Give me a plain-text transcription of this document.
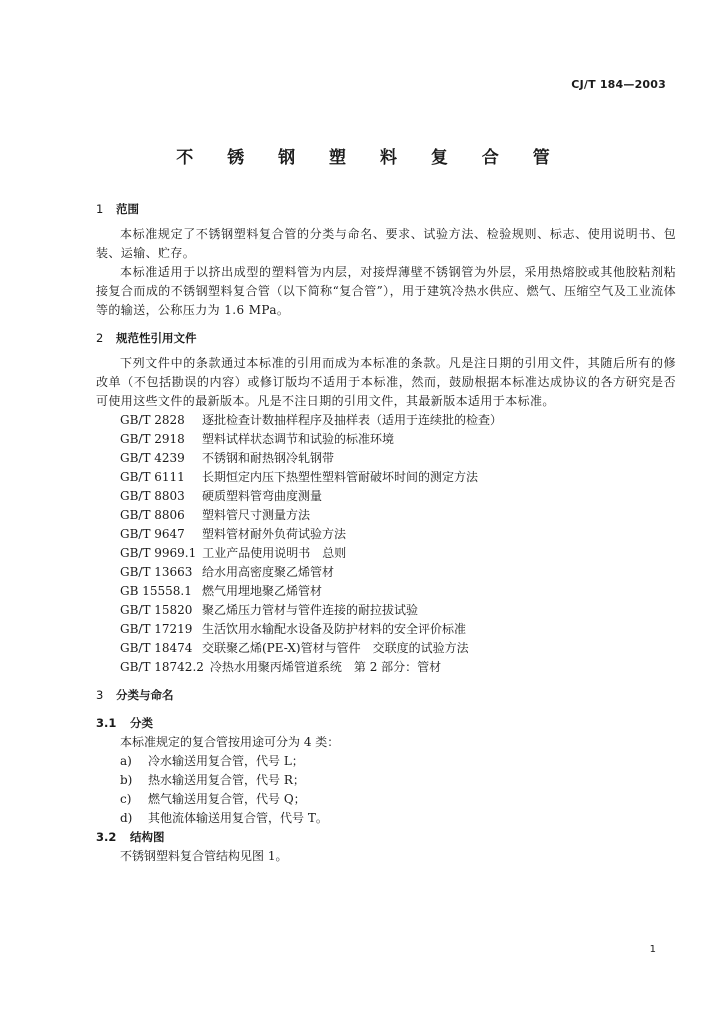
CJ/T 184—2003
不 锈 钢 塑 料 复 合 管
1 范围

本标准规定了不锈钢塑料复合管的分类与命名、要求、试验方法、检验规则、标志、使用说明书、包装、运输、贮存。

本标准适用于以挤出成型的塑料管为内层，对接焊薄壁不锈钢管为外层，采用热熔胶或其他胶粘剂粘接复合而成的不锈钢塑料复合管（以下简称“复合管”），用于建筑冷热水供应、燃气、压缩空气及工业流体等的输送，公称压力为 1.6 MPa。

2 规范性引用文件

下列文件中的条款通过本标准的引用而成为本标准的条款。凡是注日期的引用文件，其随后所有的修改单（不包括勘误的内容）或修订版均不适用于本标准，然而，鼓励根据本标准达成协议的各方研究是否可使用这些文件的最新版本。凡是不注日期的引用文件，其最新版本适用于本标准。

GB/T 2828 逐批检查计数抽样程序及抽样表（适用于连续批的检查）
GB/T 2918 塑料试样状态调节和试验的标准环境
GB/T 4239 不锈钢和耐热钢冷轧钢带
GB/T 6111 长期恒定内压下热塑性塑料管耐破坏时间的测定方法
GB/T 8803 硬质塑料管弯曲度测量
GB/T 8806 塑料管尺寸测量方法
GB/T 9647 塑料管材耐外负荷试验方法
GB/T 9969.1 工业产品使用说明书　总则
GB/T 13663 给水用高密度聚乙烯管材
GB 15558.1 燃气用埋地聚乙烯管材
GB/T 15820 聚乙烯压力管材与管件连接的耐拉拔试验
GB/T 17219 生活饮用水输配水设备及防护材料的安全评价标准
GB/T 18474 交联聚乙烯(PE-X)管材与管件　交联度的试验方法
GB/T 18742.2 冷热水用聚丙烯管道系统　第 2 部分：管材
3 分类与命名
3.1 分类
本标准规定的复合管按用途可分为 4 类：
a) 冷水输送用复合管，代号 L；
b) 热水输送用复合管，代号 R；
c) 燃气输送用复合管，代号 Q；
d) 其他流体输送用复合管，代号 T。
3.2 结构图
不锈钢塑料复合管结构见图 1。
1
